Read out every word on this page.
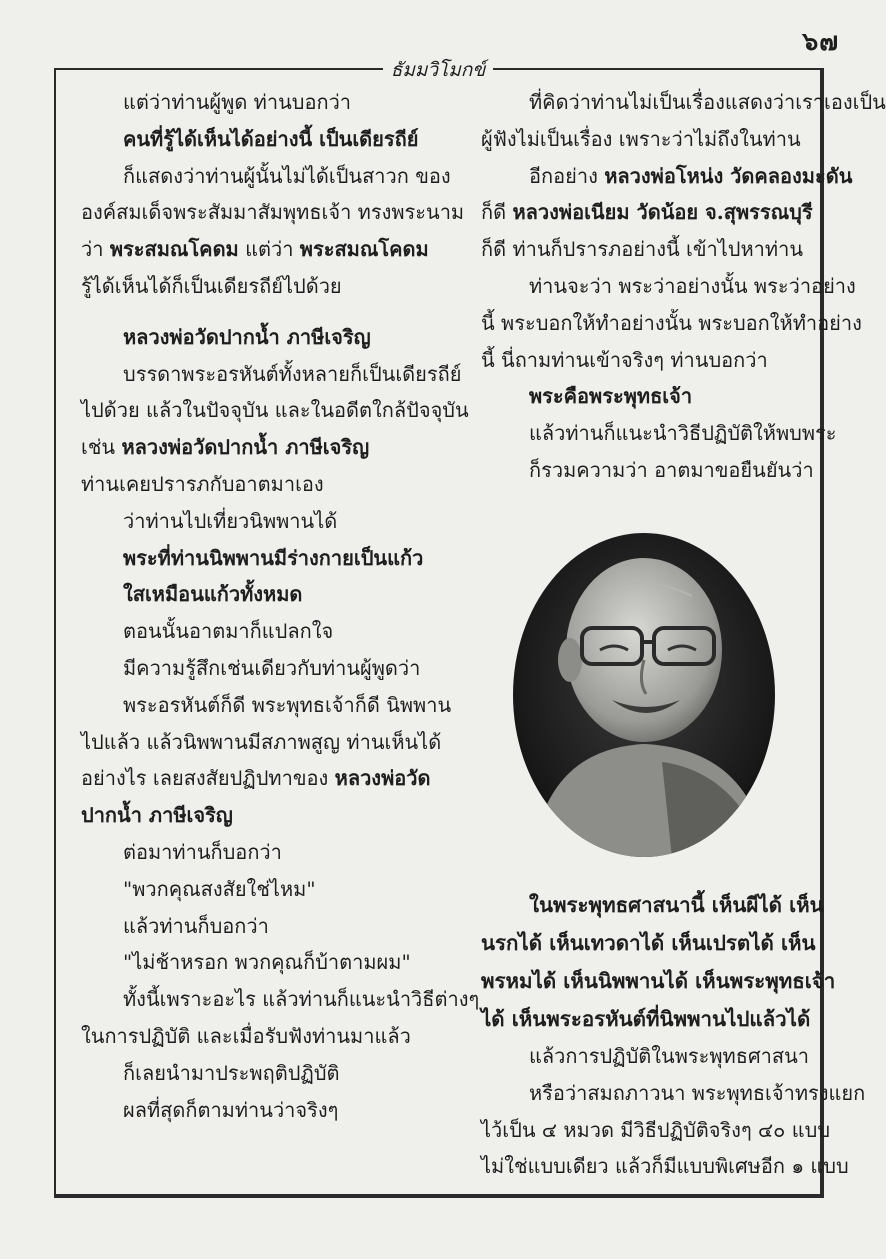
๖๗
ธัมมวิโมกข์
แต่ว่าท่านผู้พูด ท่านบอกว่า
คนที่รู้ได้เห็นได้อย่างนี้ เป็นเดียรถีย์
ก็แสดงว่าท่านผู้นั้นไม่ได้เป็นสาวก ของ
องค์สมเด็จพระสัมมาสัมพุทธเจ้า ทรงพระนาม
ว่า พระสมณโคดม แต่ว่า พระสมณโคดม
รู้ได้เห็นได้ก็เป็นเดียรถีย์ไปด้วย
หลวงพ่อวัดปากน้ำ ภาษีเจริญ
บรรดาพระอรหันต์ทั้งหลายก็เป็นเดียรถีย์
ไปด้วย แล้วในปัจจุบัน และในอดีตใกล้ปัจจุบัน
เช่น หลวงพ่อวัดปากน้ำ ภาษีเจริญ
ท่านเคยปรารภกับอาตมาเอง
ว่าท่านไปเที่ยวนิพพานได้
พระที่ท่านนิพพานมีร่างกายเป็นแก้ว
ใสเหมือนแก้วทั้งหมด
ตอนนั้นอาตมาก็แปลกใจ
มีความรู้สึกเช่นเดียวกับท่านผู้พูดว่า
พระอรหันต์ก็ดี พระพุทธเจ้าก็ดี นิพพาน
ไปแล้ว แล้วนิพพานมีสภาพสูญ ท่านเห็นได้
อย่างไร เลยสงสัยปฏิปทาของ หลวงพ่อวัด
ปากน้ำ ภาษีเจริญ
ต่อมาท่านก็บอกว่า
"พวกคุณสงสัยใช่ไหม"
แล้วท่านก็บอกว่า
"ไม่ช้าหรอก พวกคุณก็บ้าตามผม"
ทั้งนี้เพราะอะไร แล้วท่านก็แนะนำวิธีต่างๆ
ในการปฏิบัติ และเมื่อรับฟังท่านมาแล้ว
ก็เลยนำมาประพฤติปฏิบัติ
ผลที่สุดก็ตามท่านว่าจริงๆ
ที่คิดว่าท่านไม่เป็นเรื่องแสดงว่าเราเองเป็น
ผู้ฟังไม่เป็นเรื่อง เพราะว่าไม่ถึงในท่าน
อีกอย่าง หลวงพ่อโหน่ง วัดคลองมะดัน
ก็ดี หลวงพ่อเนียม วัดน้อย จ.สุพรรณบุรี
ก็ดี ท่านก็ปรารภอย่างนี้ เข้าไปหาท่าน
ท่านจะว่า พระว่าอย่างนั้น พระว่าอย่าง
นี้ พระบอกให้ทำอย่างนั้น พระบอกให้ทำอย่าง
นี้ นี่ถามท่านเข้าจริงๆ ท่านบอกว่า
พระคือพระพุทธเจ้า
แล้วท่านก็แนะนำวิธีปฏิบัติให้พบพระ
ก็รวมความว่า อาตมาขอยืนยันว่า
ในพระพุทธศาสนานี้ เห็นผีได้ เห็น
นรกได้ เห็นเทวดาได้ เห็นเปรตได้ เห็น
พรหมได้ เห็นนิพพานได้ เห็นพระพุทธเจ้า
ได้ เห็นพระอรหันต์ที่นิพพานไปแล้วได้
แล้วการปฏิบัติในพระพุทธศาสนา
หรือว่าสมถภาวนา พระพุทธเจ้าทรงแยก
ไว้เป็น ๔ หมวด มีวิธีปฏิบัติจริงๆ ๔๐ แบบ
ไม่ใช่แบบเดียว แล้วก็มีแบบพิเศษอีก ๑ แบบ
